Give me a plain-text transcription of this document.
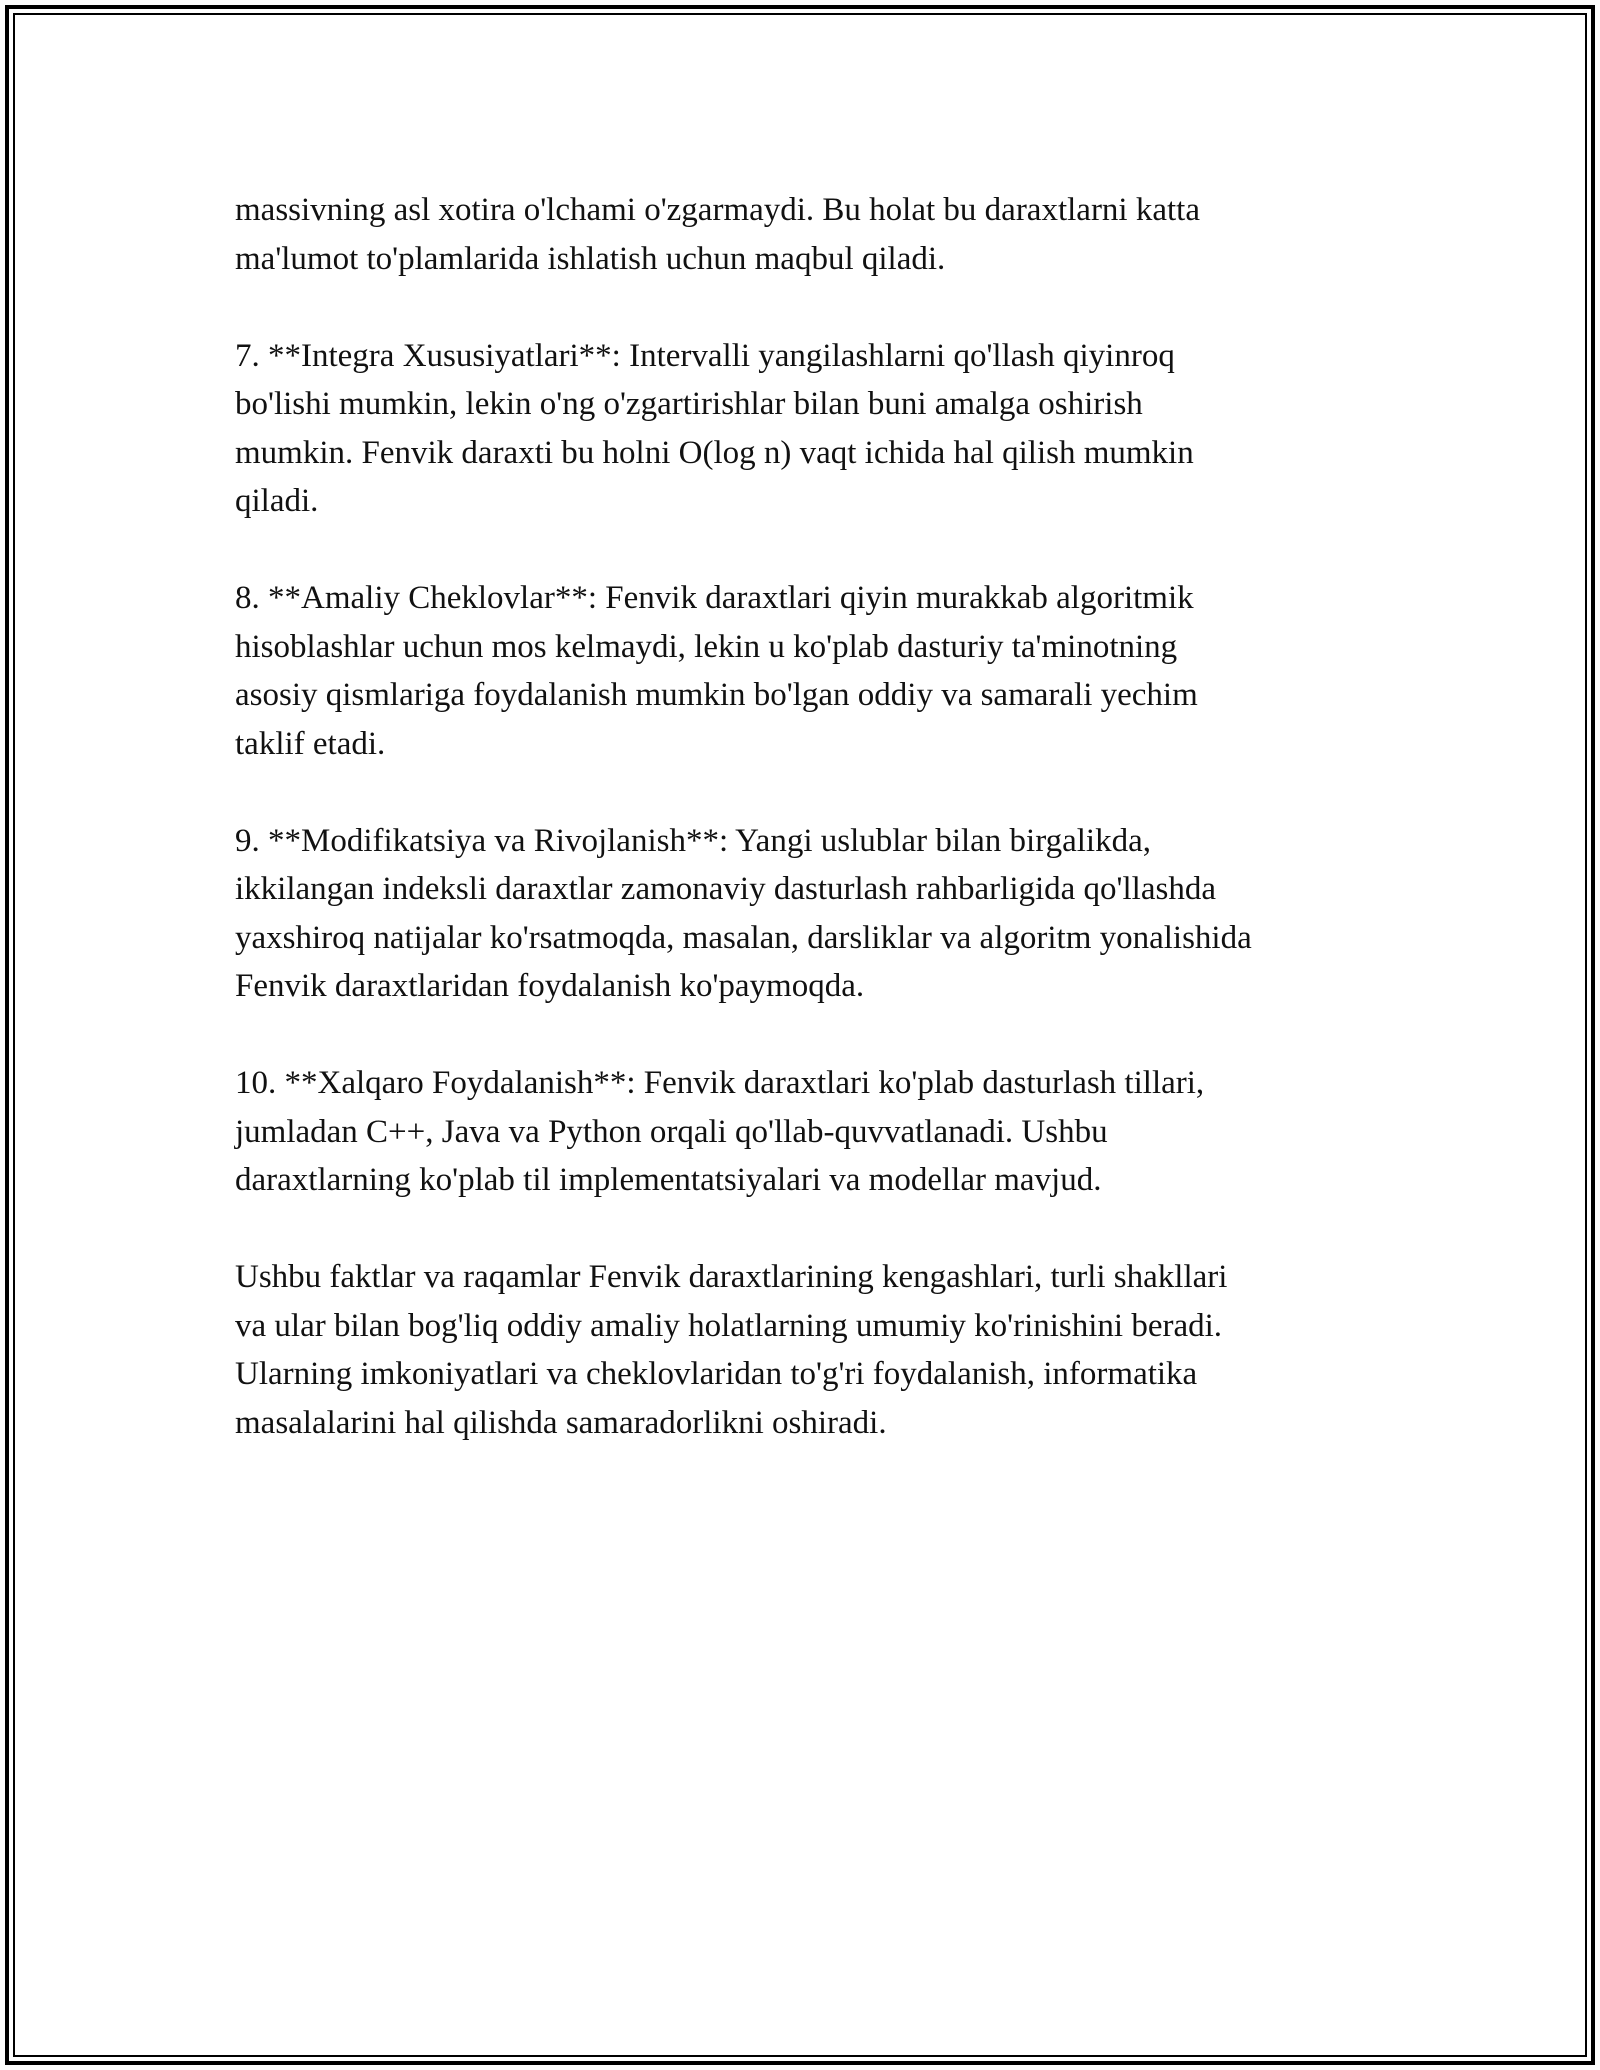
massivning asl xotira o'lchami o'zgarmaydi. Bu holat bu daraxtlarni katta
ma'lumot to'plamlarida ishlatish uchun maqbul qiladi.

7. **Integra Xususiyatlari**: Intervalli yangilashlarni qo'llash qiyinroq
bo'lishi mumkin, lekin o'ng o'zgartirishlar bilan buni amalga oshirish
mumkin. Fenvik daraxti bu holni O(log n) vaqt ichida hal qilish mumkin
qiladi.

8. **Amaliy Cheklovlar**: Fenvik daraxtlari qiyin murakkab algoritmik
hisoblashlar uchun mos kelmaydi, lekin u ko'plab dasturiy ta'minotning
asosiy qismlariga foydalanish mumkin bo'lgan oddiy va samarali yechim
taklif etadi.

9. **Modifikatsiya va Rivojlanish**: Yangi uslublar bilan birgalikda,
ikkilangan indeksli daraxtlar zamonaviy dasturlash rahbarligida qo'llashda
yaxshiroq natijalar ko'rsatmoqda, masalan, darsliklar va algoritm yonalishida
Fenvik daraxtlaridan foydalanish ko'paymoqda.

10. **Xalqaro Foydalanish**: Fenvik daraxtlari ko'plab dasturlash tillari,
jumladan C++, Java va Python orqali qo'llab-quvvatlanadi. Ushbu
daraxtlarning ko'plab til implementatsiyalari va modellar mavjud.

Ushbu faktlar va raqamlar Fenvik daraxtlarining kengashlari, turli shakllari
va ular bilan bog'liq oddiy amaliy holatlarning umumiy ko'rinishini beradi.
Ularning imkoniyatlari va cheklovlaridan to'g'ri foydalanish, informatika
masalalarini hal qilishda samaradorlikni oshiradi.
